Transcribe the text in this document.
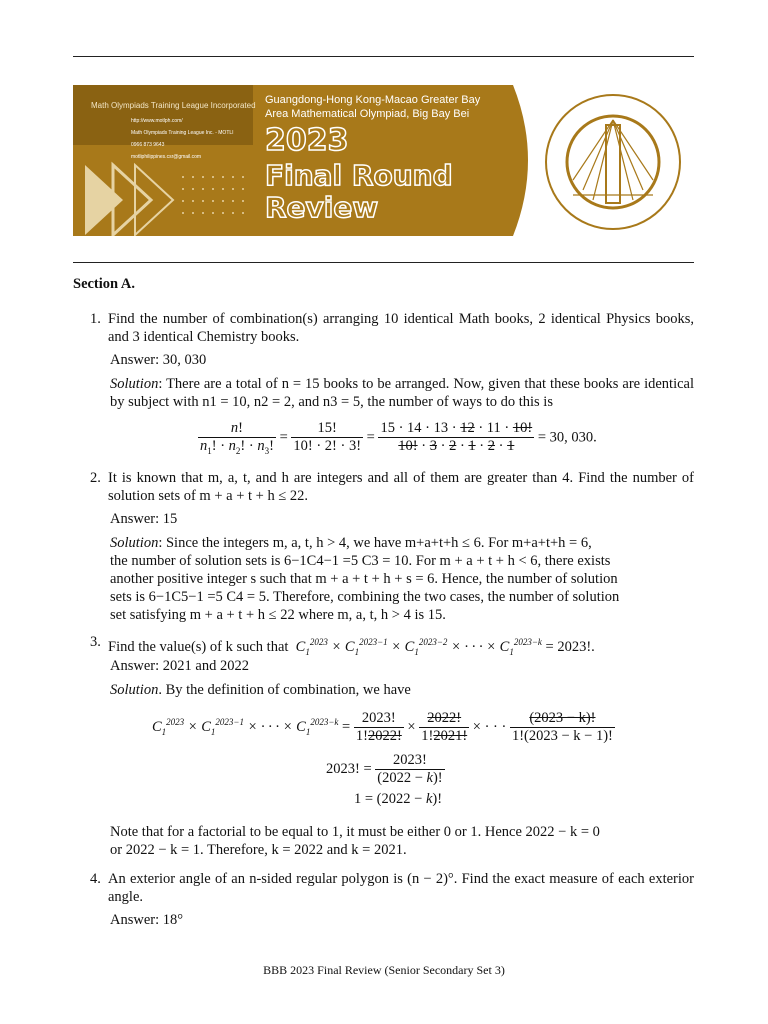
Math Olympiads Training League Incorporated
http://www.motlph.com/
Math Olympiads Training League Inc. - MOTLI
0966 873 9643
motliphilippines.csr@gmail.com
Guangdong-Hong Kong-Macao Greater Bay
Area Mathematical Olympiad, Big Bay Bei
2023
Final Round
Review
Section A.
1. Find the number of combination(s) arranging 10 identical Math books, 2 identical Physics books, and 3 identical Chemistry books.
Answer: 30, 030
Solution: There are a total of n = 15 books to be arranged. Now, given that these books are identical by subject with n1 = 10, n2 = 2, and n3 = 5, the number of ways to do this is
$\frac{n!}{n_1! \cdot n_2! \cdot n_3!} = \frac{15!}{10! \cdot 2! \cdot 3!} = \frac{15 \cdot 14 \cdot 13 \cdot 12 \cdot 11 \cdot 10!}{10! \cdot 3 \cdot 2 \cdot 1 \cdot 2 \cdot 1} = 30$, 030.
2. It is known that m, a, t, and h are integers and all of them are greater than 4. Find the number of solution sets of m + a + t + h ≤ 22.
Answer: 15
Solution: Since the integers m, a, t, h > 4, we have m+a+t+h ≤ 6. For m+a+t+h = 6,
the number of solution sets is 6−1C4−1 =5 C3 = 10. For m + a + t + h < 6, there exists
another positive integer s such that m + a + t + h + s = 6. Hence, the number of solution
sets is 6−1C5−1 =5 C4 = 5. Therefore, combining the two cases, the number of solution
set satisfying m + a + t + h ≤ 22 where m, a, t, h > 4 is 15.
3. Find the value(s) of k such that  $C_1^{2023} \times C_1^{2023-1} \times C_1^{2023-2}$ × · · · × $C_1^{2023-k} = 2023$!.
Answer: 2021 and 2022
Solution. By the definition of combination, we have
$C_1^{2023} \times C_1^{2023-1}$ × · · · × $C_1^{2023-k} = \frac{2023!}{1!2022!} \times \frac{2022!}{1!2021!}$ × · · · $\frac{(2023 - k)!}{1!(2023 - k - 1)!}$
2023! = $\frac{2023!}{(2022 - k)!}$
1 = (2022 − k)!
Note that for a factorial to be equal to 1, it must be either 0 or 1. Hence 2022 − k = 0
or 2022 − k = 1. Therefore, k = 2022 and k = 2021.
4. An exterior angle of an n-sided regular polygon is (n − 2)°. Find the exact measure of each exterior angle.
Answer: 18°
BBB 2023 Final Review (Senior Secondary Set 3)
